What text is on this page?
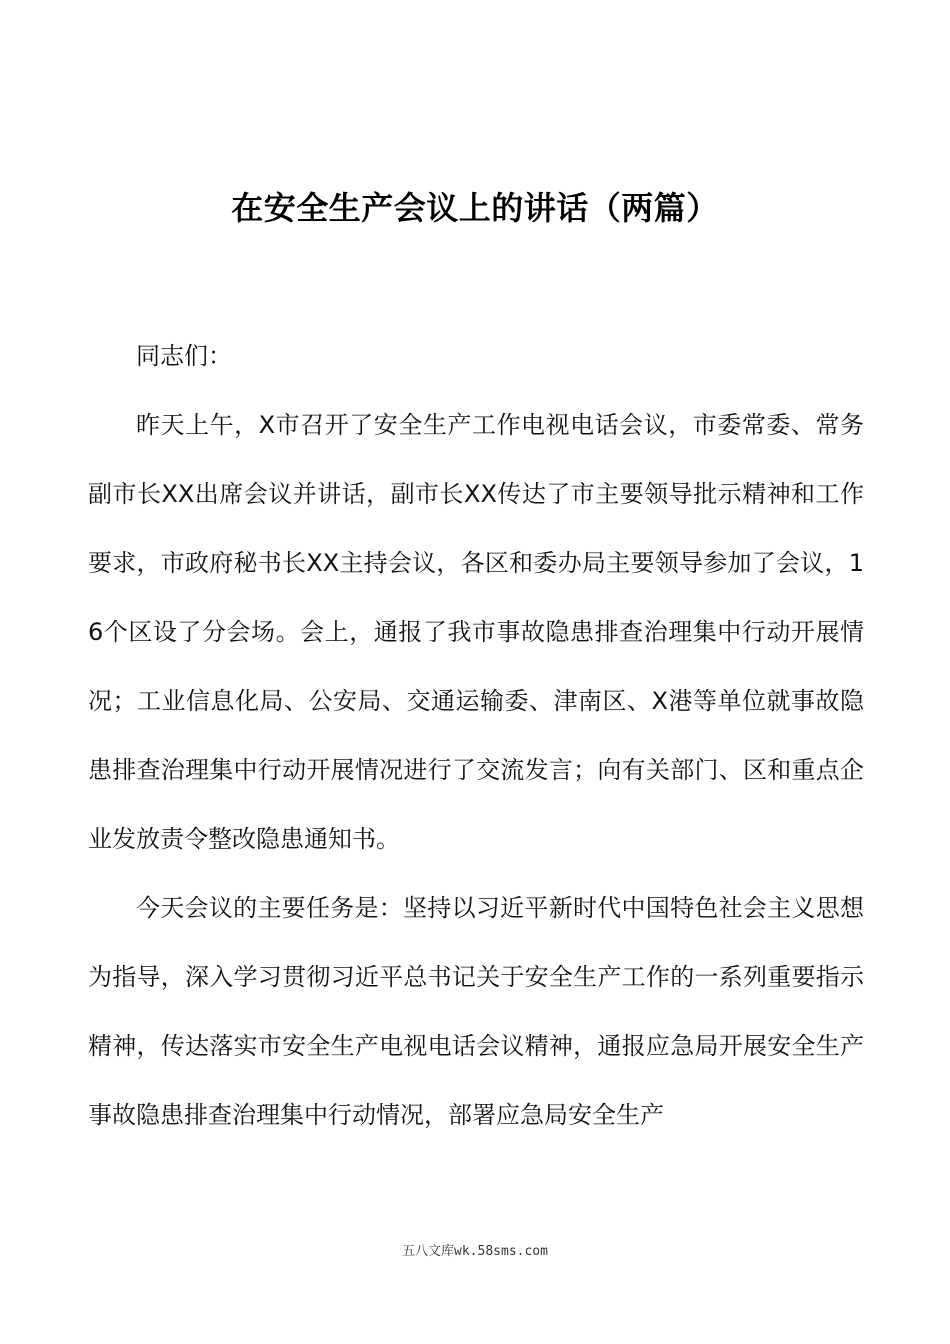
在安全生产会议上的讲话（两篇）

同志们：

昨天上午，X市召开了安全生产工作电视电话会议，市委常委、常务副市长XX出席会议并讲话，副市长XX传达了市主要领导批示精神和工作要求，市政府秘书长XX主持会议，各区和委办局主要领导参加了会议，16个区设了分会场。会上，通报了我市事故隐患排查治理集中行动开展情况；工业信息化局、公安局、交通运输委、津南区、X港等单位就事故隐患排查治理集中行动开展情况进行了交流发言；向有关部门、区和重点企业发放责令整改隐患通知书。

今天会议的主要任务是：坚持以习近平新时代中国特色社会主义思想为指导，深入学习贯彻习近平总书记关于安全生产工作的一系列重要指示精神，传达落实市安全生产电视电话会议精神，通报应急局开展安全生产事故隐患排查治理集中行动情况，部署应急局安全生产

五八文库wk.58sms.com
